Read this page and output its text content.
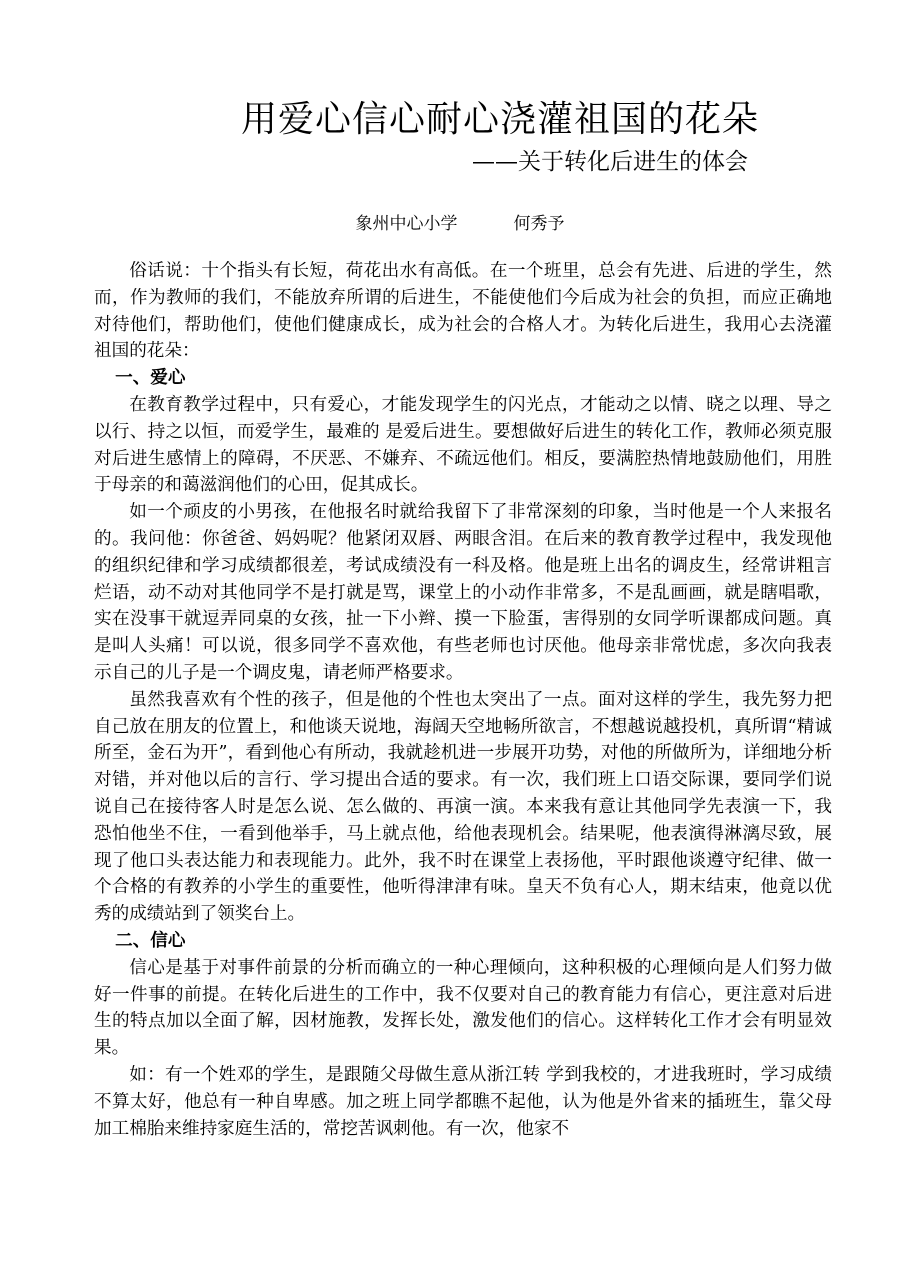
用爱心信心耐心浇灌祖国的花朵
——关于转化后进生的体会
象州中心小学	何秀予

俗话说：十个指头有长短，荷花出水有高低。在一个班里，总会有先进、后进的学生，然而，作为教师的我们，不能放弃所谓的后进生，不能使他们今后成为社会的负担，而应正确地对待他们，帮助他们，使他们健康成长，成为社会的合格人才。为转化后进生，我用心去浇灌祖国的花朵：

一、爱心

在教育教学过程中，只有爱心，才能发现学生的闪光点，才能动之以情、晓之以理、导之以行、持之以恒，而爱学生，最难的 是爱后进生。要想做好后进生的转化工作，教师必须克服对后进生感情上的障碍，不厌恶、不嫌弃、不疏远他们。相反，要满腔热情地鼓励他们，用胜于母亲的和蔼滋润他们的心田，促其成长。

如一个顽皮的小男孩，在他报名时就给我留下了非常深刻的印象，当时他是一个人来报名的。我问他：你爸爸、妈妈呢？他紧闭双唇、两眼含泪。在后来的教育教学过程中，我发现他的组织纪律和学习成绩都很差，考试成绩没有一科及格。他是班上出名的调皮生，经常讲粗言烂语，动不动对其他同学不是打就是骂，课堂上的小动作非常多，不是乱画画，就是瞎唱歌，实在没事干就逗弄同桌的女孩，扯一下小辫、摸一下脸蛋，害得别的女同学听课都成问题。真是叫人头痛！可以说，很多同学不喜欢他，有些老师也讨厌他。他母亲非常忧虑，多次向我表示自己的儿子是一个调皮鬼，请老师严格要求。

虽然我喜欢有个性的孩子，但是他的个性也太突出了一点。面对这样的学生，我先努力把自己放在朋友的位置上，和他谈天说地，海阔天空地畅所欲言，不想越说越投机，真所谓“精诚所至，金石为开”，看到他心有所动，我就趁机进一步展开功势，对他的所做所为，详细地分析对错，并对他以后的言行、学习提出合适的要求。有一次，我们班上口语交际课，要同学们说说自己在接待客人时是怎么说、怎么做的、再演一演。本来我有意让其他同学先表演一下，我恐怕他坐不住，一看到他举手，马上就点他，给他表现机会。结果呢，他表演得淋漓尽致，展现了他口头表达能力和表现能力。此外，我不时在课堂上表扬他，平时跟他谈遵守纪律、做一个合格的有教养的小学生的重要性，他听得津津有味。皇天不负有心人，期末结束，他竟以优秀的成绩站到了领奖台上。

二、信心

信心是基于对事件前景的分析而确立的一种心理倾向，这种积极的心理倾向是人们努力做好一件事的前提。在转化后进生的工作中，我不仅要对自己的教育能力有信心，更注意对后进生的特点加以全面了解，因材施教，发挥长处，激发他们的信心。这样转化工作才会有明显效果。

如：有一个姓邓的学生，是跟随父母做生意从浙江转 学到我校的，才进我班时，学习成绩不算太好，他总有一种自卑感。加之班上同学都瞧不起他，认为他是外省来的插班生，靠父母加工棉胎来维持家庭生活的，常挖苦讽刺他。有一次，他家不
